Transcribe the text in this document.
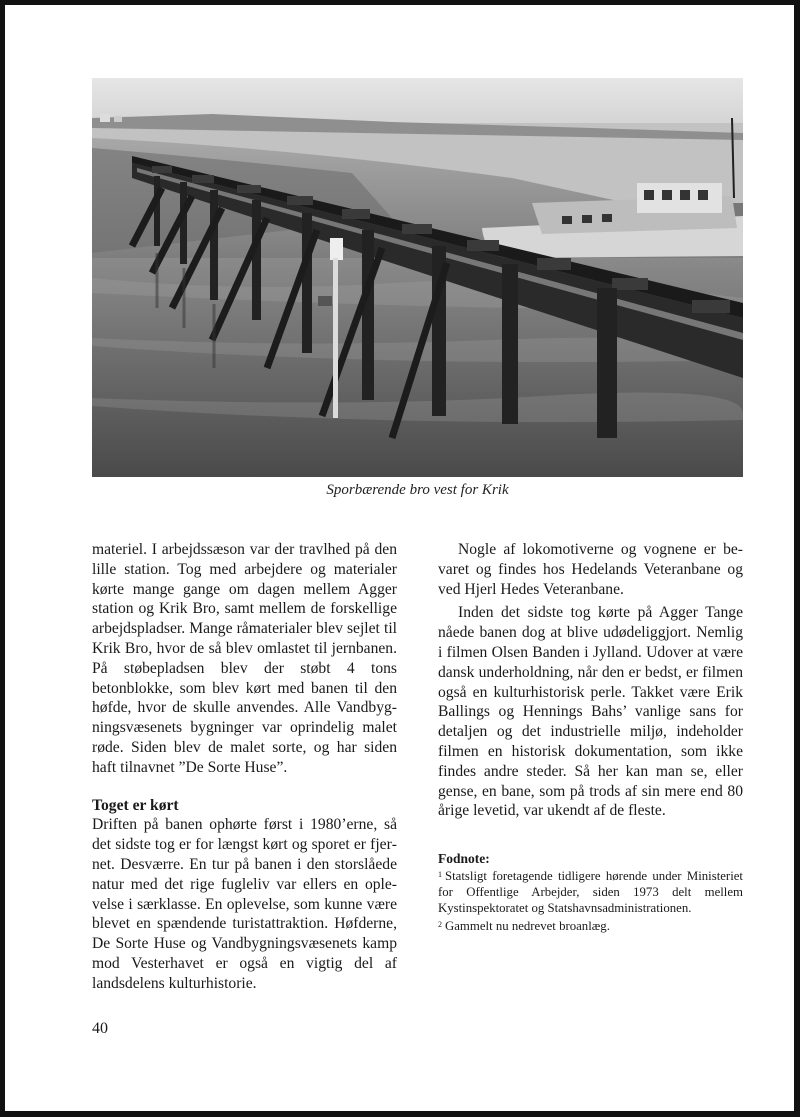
Sporbærende bro vest for Krik

materiel. I arbejdssæson var der travlhed på den lille station. Tog med arbejdere og materialer kørte mange gange om dagen mellem Agger station og Krik Bro, samt mellem de forskellige arbejdspladser. Mange råmaterialer blev sejlet til Krik Bro, hvor de så blev omlastet til jernbanen. På støbepladsen blev der støbt 4 tons betonblokke, som blev kørt med banen til den høfde, hvor de skulle anvendes. Alle Vandbygningsvæsenets bygninger var oprindelig malet røde. Siden blev de malet sorte, og har siden haft tilnavnet ”De Sorte Huse”.

Toget er kørt

Driften på banen ophørte først i 1980’erne, så det sidste tog er for længst kørt og sporet er fjernet. Desværre. En tur på banen i den storslåede natur med det rige fugleliv var ellers en oplevelse i særklasse. En oplevelse, som kunne være blevet en spændende turistattraktion. Høfderne, De Sorte Huse og Vandbygningsvæsenets kamp mod Vesterhavet er også en vigtig del af landsdelens kulturhistorie.

Nogle af lokomotiverne og vognene er bevaret og findes hos Hedelands Veteranbane og ved Hjerl Hedes Veteranbane.

Inden det sidste tog kørte på Agger Tange nåede banen dog at blive udødeliggjort. Nemlig i filmen Olsen Banden i Jylland. Udover at være dansk underholdning, når den er bedst, er filmen også en kulturhistorisk perle. Takket være Erik Ballings og Hennings Bahs’ vanlige sans for detaljen og det industrielle miljø, indeholder filmen en historisk dokumentation, som ikke findes andre steder. Så her kan man se, eller gense, en bane, som på trods af sin mere end 80 årige levetid, var ukendt af de fleste.

Fodnote:

$^1$ Statsligt foretagende tidligere hørende under Ministeriet for Offentlige Arbejder, siden 1973 delt mellem Kystinspektoratet og Statshavnsadministrationen.

$^2$ Gammelt nu nedrevet broanlæg.

40
